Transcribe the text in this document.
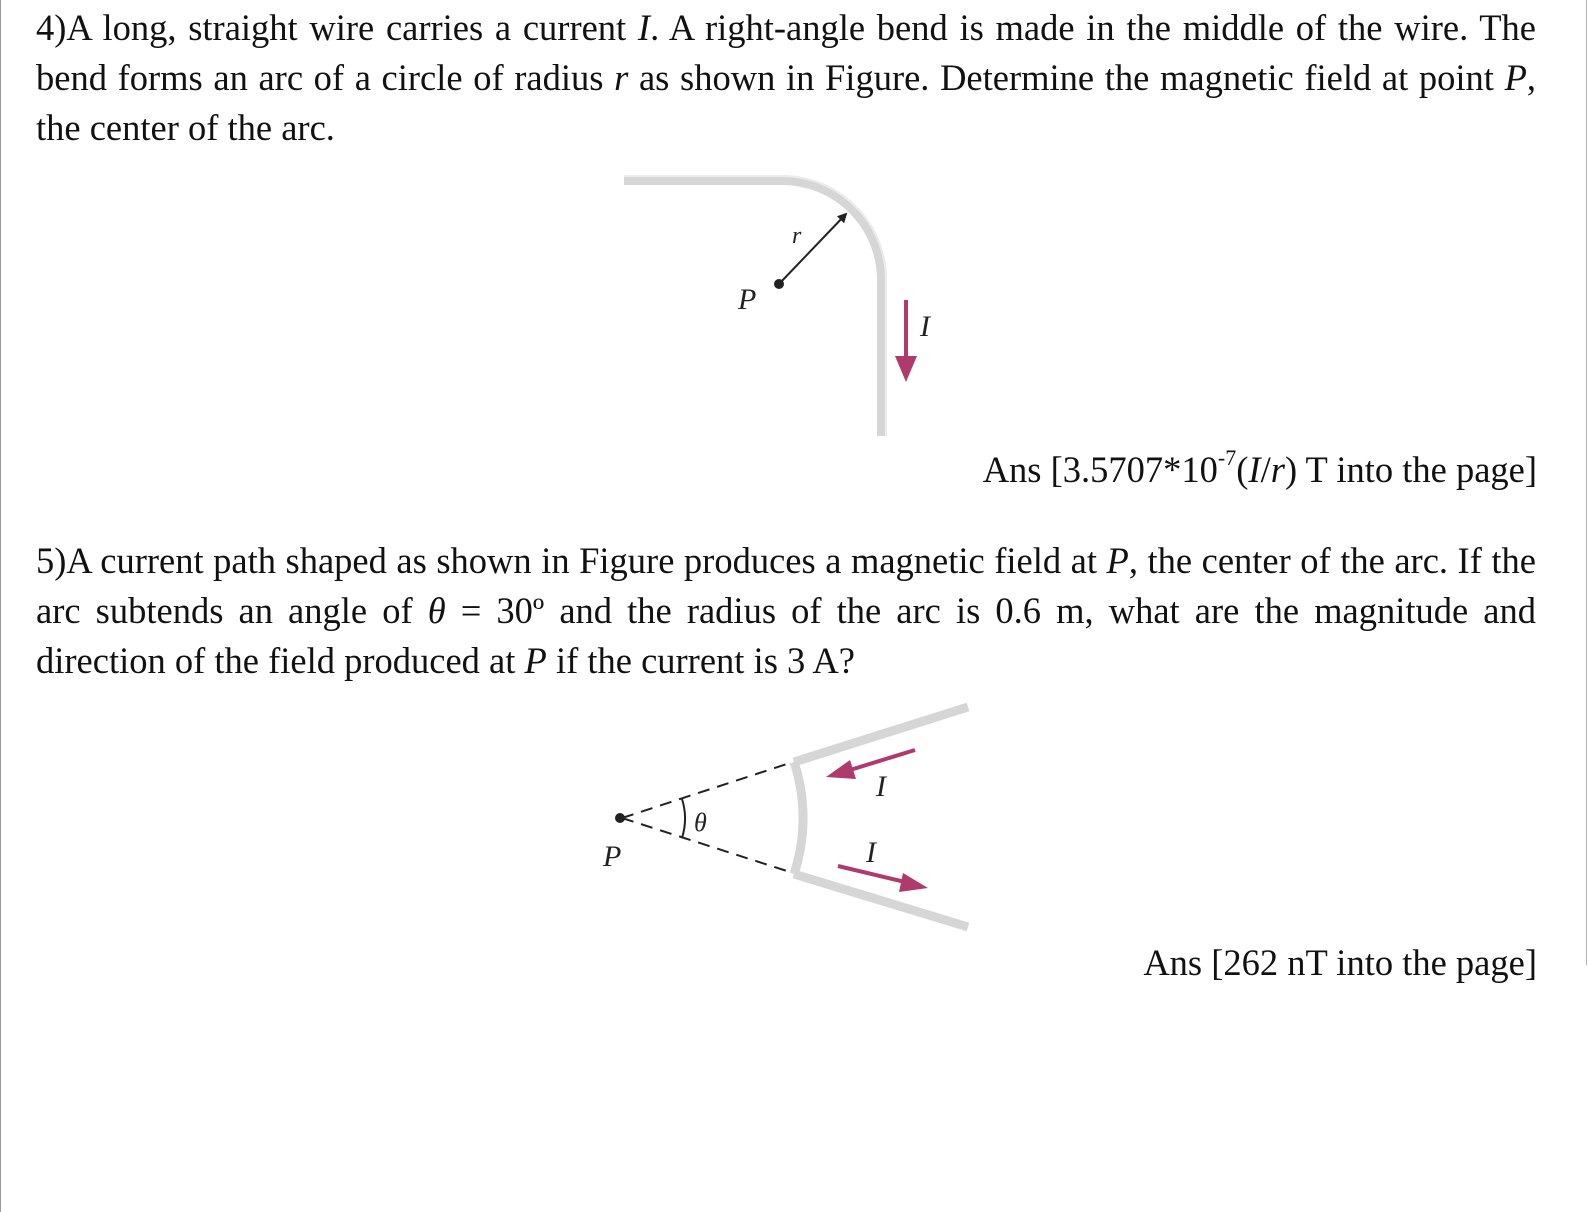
4)A long, straight wire carries a current I. A right-angle bend is made in the middle of the wire. The bend forms an arc of a circle of radius r as shown in Figure. Determine the magnetic field at point P, the center of the arc.

Ans [$3.5707*10^{-7}(I/r)$ T into the page]

5)A current path shaped as shown in Figure produces a magnetic field at P, the center of the arc. If the arc subtends an angle of θ = 30º and the radius of the arc is 0.6 m, what are the magnitude and direction of the field produced at P if the current is 3 A?

Ans [262 nT into the page]
P
r
I
P
θ
I
I
